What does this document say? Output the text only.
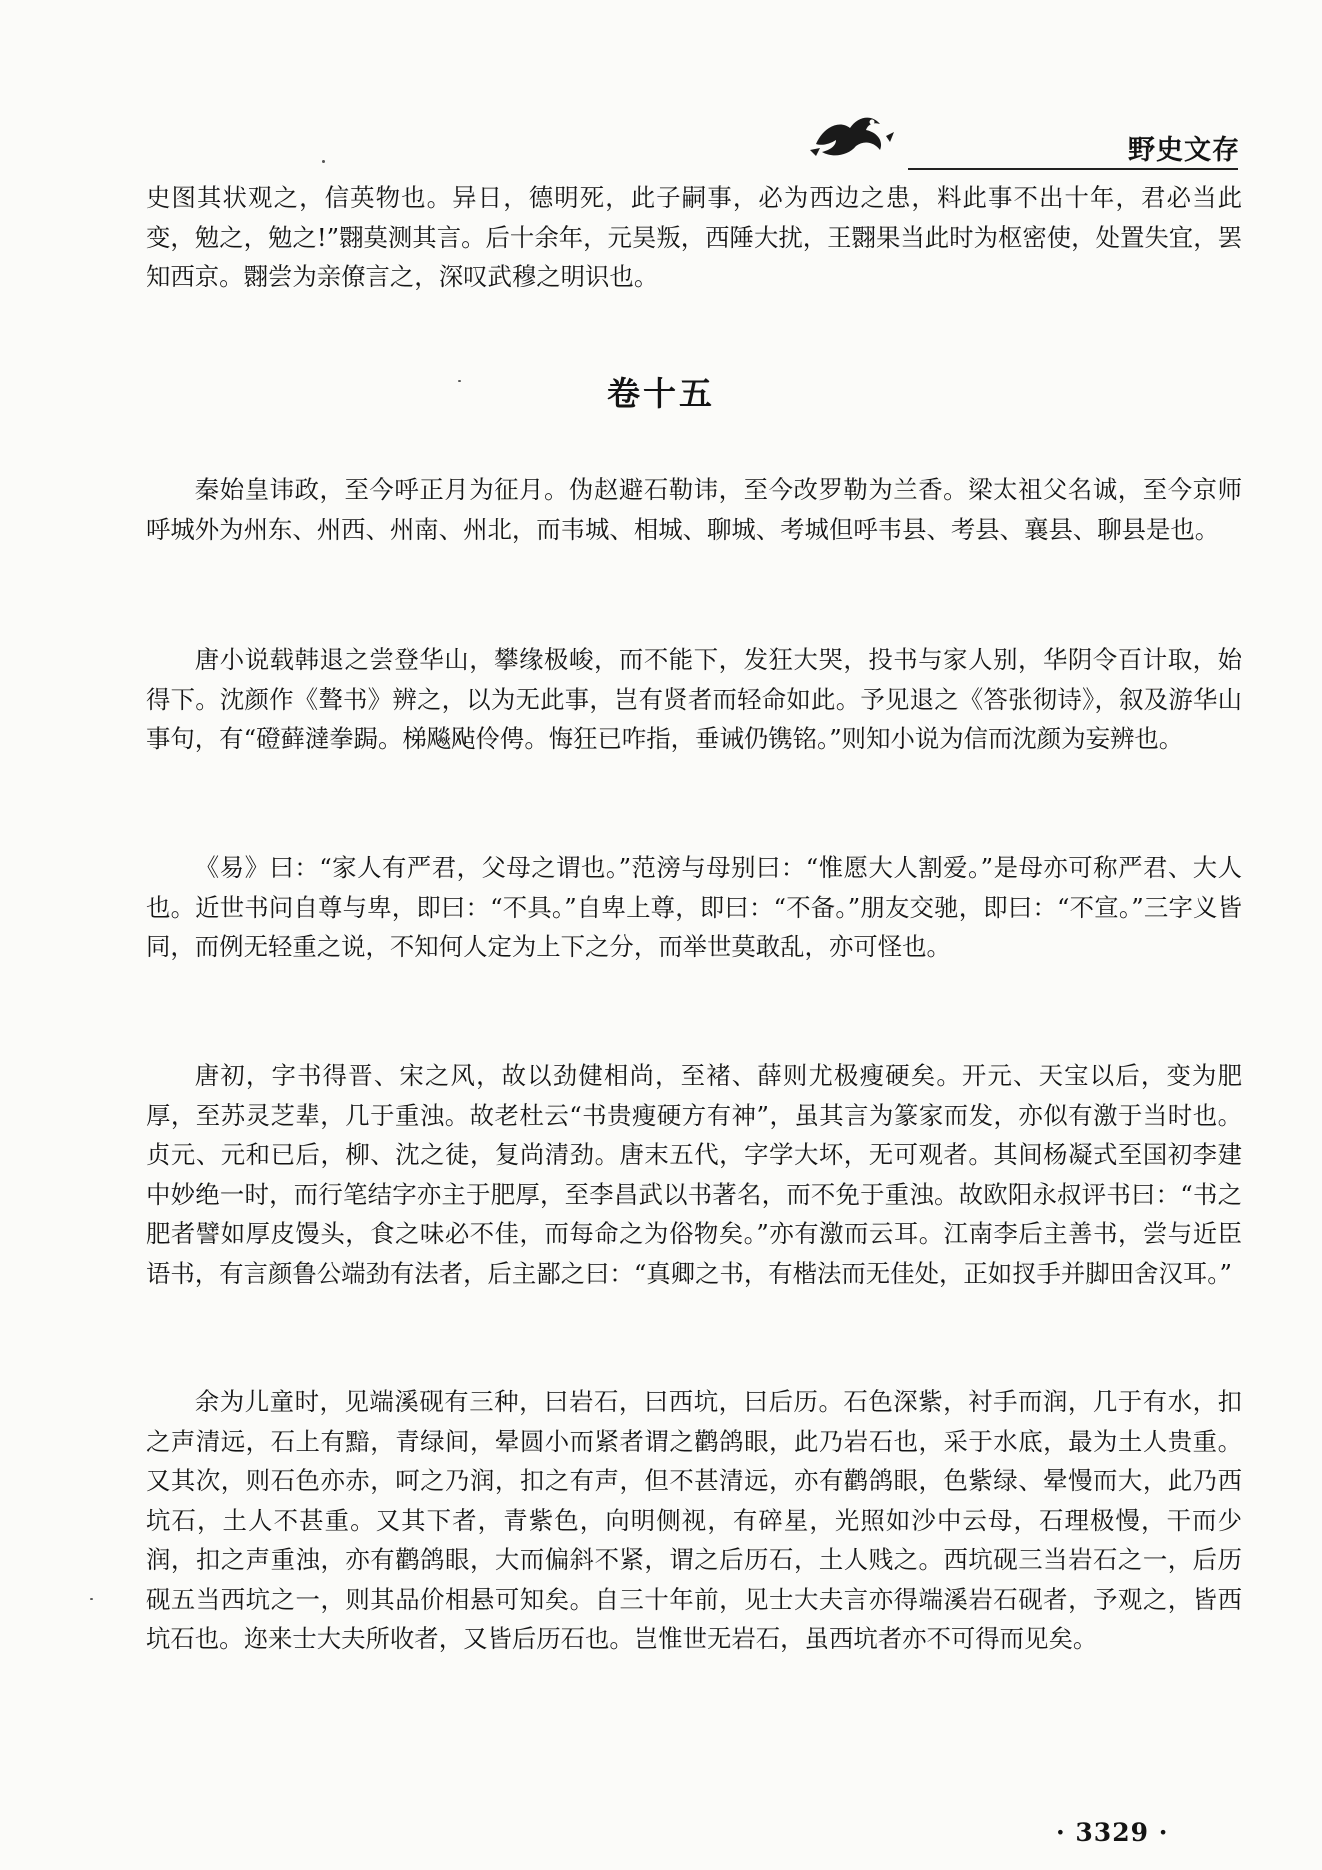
野史文存

史图其状观之，信英物也。异日，德明死，此子嗣事，必为西边之患，料此事不出十年，君必当此变，勉之，勉之!”翾莫测其言。后十余年，元昊叛，西陲大扰，王翾果当此时为枢密使，处置失宜，罢知西京。翾尝为亲僚言之，深叹武穆之明识也。

卷十五

秦始皇讳政，至今呼正月为征月。伪赵避石勒讳，至今改罗勒为兰香。梁太祖父名诚，至今京师呼城外为州东、州西、州南、州北，而韦城、相城、聊城、考城但呼韦县、考县、襄县、聊县是也。

唐小说载韩退之尝登华山，攀缘极峻，而不能下，发狂大哭，投书与家人别，华阴令百计取，始得下。沈颜作《聱书》辨之，以为无此事，岂有贤者而轻命如此。予见退之《答张彻诗》，叙及游华山事句，有“磴藓澾拳跼。梯飚飐伶俜。悔狂已咋指，垂诫仍镌铭。”则知小说为信而沈颜为妄辨也。

《易》曰：“家人有严君，父母之谓也。”范滂与母别曰：“惟愿大人割爱。”是母亦可称严君、大人也。近世书问自尊与卑，即曰：“不具。”自卑上尊，即曰：“不备。”朋友交驰，即曰：“不宣。”三字义皆同，而例无轻重之说，不知何人定为上下之分，而举世莫敢乱，亦可怪也。

唐初，字书得晋、宋之风，故以劲健相尚，至褚、薛则尤极瘦硬矣。开元、天宝以后，变为肥厚，至苏灵芝辈，几于重浊。故老杜云“书贵瘦硬方有神”，虽其言为篆家而发，亦似有激于当时也。贞元、元和已后，柳、沈之徒，复尚清劲。唐末五代，字学大坏，无可观者。其间杨凝式至国初李建中妙绝一时，而行笔结字亦主于肥厚，至李昌武以书著名，而不免于重浊。故欧阳永叔评书曰：“书之肥者譬如厚皮馒头，食之味必不佳，而每命之为俗物矣。”亦有激而云耳。江南李后主善书，尝与近臣语书，有言颜鲁公端劲有法者，后主鄙之曰：“真卿之书，有楷法而无佳处，正如扠手并脚田舍汉耳。”

余为儿童时，见端溪砚有三种，曰岩石，曰西坑，曰后历。石色深紫，衬手而润，几于有水，扣之声清远，石上有黯，青绿间，晕圆小而紧者谓之鹳鸽眼，此乃岩石也，采于水底，最为土人贵重。又其次，则石色亦赤，呵之乃润，扣之有声，但不甚清远，亦有鹳鸽眼，色紫绿、晕慢而大，此乃西坑石，土人不甚重。又其下者，青紫色，向明侧视，有碎星，光照如沙中云母，石理极慢，干而少润，扣之声重浊，亦有鹳鸽眼，大而偏斜不紧，谓之后历石，土人贱之。西坑砚三当岩石之一，后历砚五当西坑之一，则其品价相悬可知矣。自三十年前，见士大夫言亦得端溪岩石砚者，予观之，皆西坑石也。迩来士大夫所收者，又皆后历石也。岂惟世无岩石，虽西坑者亦不可得而见矣。

· 3329 ·
